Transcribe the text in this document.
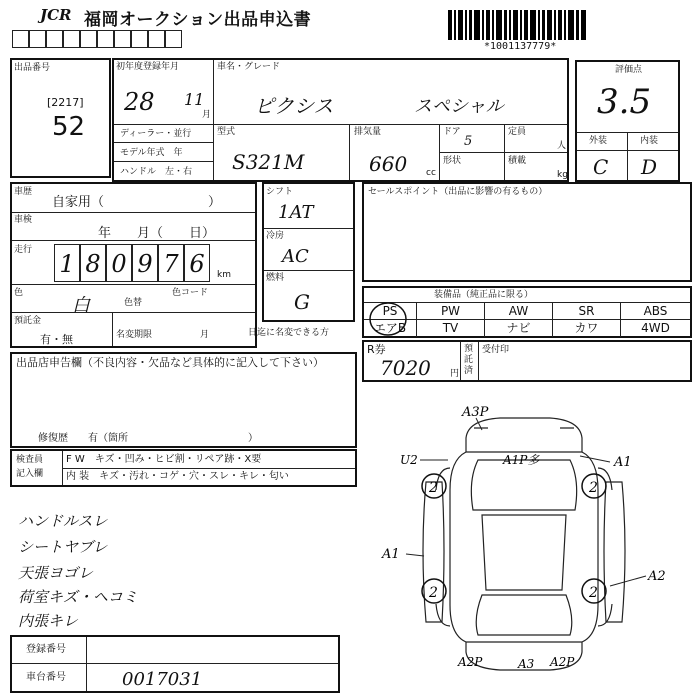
JCR 福岡オークション出品申込書
*1001137779*
出品番号
[2217]
52
初年度登録年月
28 11
月
車名・グレード
ピクシス	スペシャル
ディーラー・並行
モデル年式　年
ハンドル　左・右
型式
S321M
排気量
660 cc
ドア
5
定員
人
形状	積載
kg
評価点
3.5
外装	内装
C D
車歴
自家用（　　　　　　　　）
車検
年　　月（　　日）
走行 1 8 0 9 7 6	km
色
白	色替
色コード
預託金
有・無	名変期限	月	日迄に名変できる方
シフト
1AT
冷房
AC
燃料
G
セールスポイント（出品に影響の有るもの）
装備品（純正品に限る）
PS	PW	AW	SR	ABS
エアB	TV	ナビ	カワ	4WD
R券
7020 円
預託済
受付印
出品店申告欄（不良内容・欠品など具体的に記入して下さい）
修復歴　　有（箇所　　　　　　　　　　　　）
検査員
記入欄
F W　キズ・凹み・ヒビ割・リペア跡・X要
内 装　キズ・汚れ・コゲ・穴・スレ・キレ・匂い
ハンドルスレ
シートヤブレ
天張ヨゴレ
荷室キズ・ヘコミ
内張キレ
登録番号
車台番号	0017031
2	2
2	2
A3P
A1
A1P多
U2
A1
A2
A2P	A3 A2P
